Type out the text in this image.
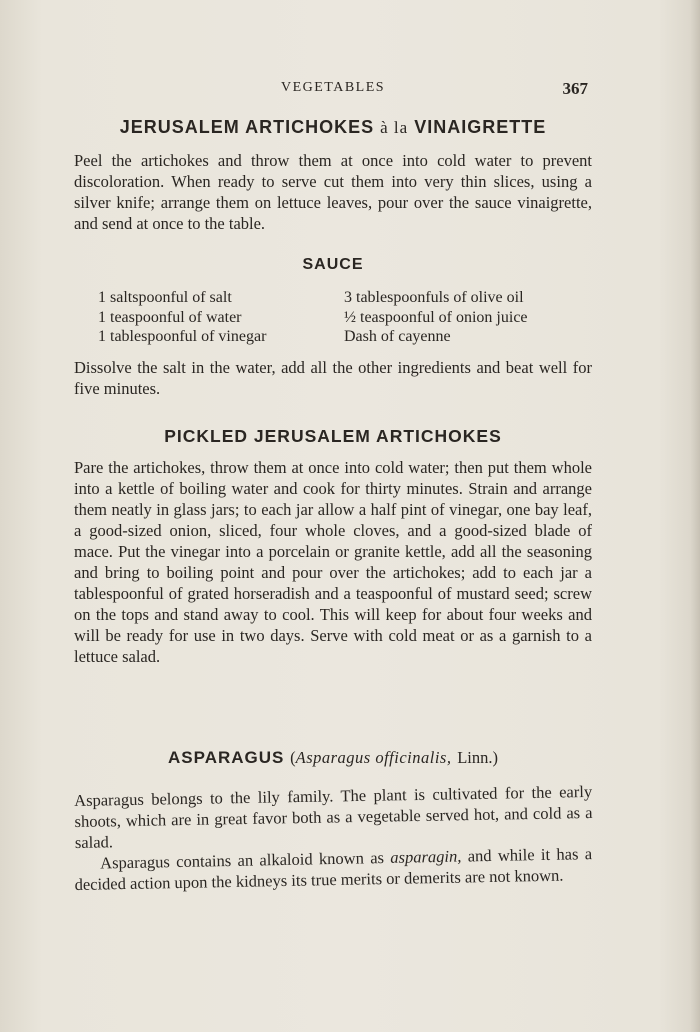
VEGETABLES	367
JERUSALEM ARTICHOKES à la VINAIGRETTE

Peel the artichokes and throw them at once into cold water to prevent discoloration. When ready to serve cut them into very thin slices, using a silver knife; arrange them on lettuce leaves, pour over the sauce vinaigrette, and send at once to the table.

SAUCE
1 saltspoonful of salt	3 tablespoonfuls of olive oil
1 teaspoonful of water	½ teaspoonful of onion juice
1 tablespoonful of vinegar	Dash of cayenne

Dissolve the salt in the water, add all the other ingredients and beat well for five minutes.

PICKLED JERUSALEM ARTICHOKES

Pare the artichokes, throw them at once into cold water; then put them whole into a kettle of boiling water and cook for thirty minutes. Strain and arrange them neatly in glass jars; to each jar allow a half pint of vinegar, one bay leaf, a good-sized onion, sliced, four whole cloves, and a good-sized blade of mace. Put the vinegar into a porcelain or granite kettle, add all the seasoning and bring to boiling point and pour over the artichokes; add to each jar a tablespoonful of grated horseradish and a teaspoonful of mustard seed; screw on the tops and stand away to cool. This will keep for about four weeks and will be ready for use in two days. Serve with cold meat or as a garnish to a lettuce salad.

ASPARAGUS (Asparagus officinalis, Linn.)

Asparagus belongs to the lily family. The plant is cultivated for the early shoots, which are in great favor both as a vegetable served hot, and cold as a salad.

Asparagus contains an alkaloid known as asparagin, and while it has a decided action upon the kidneys its true merits or demerits are not known.
